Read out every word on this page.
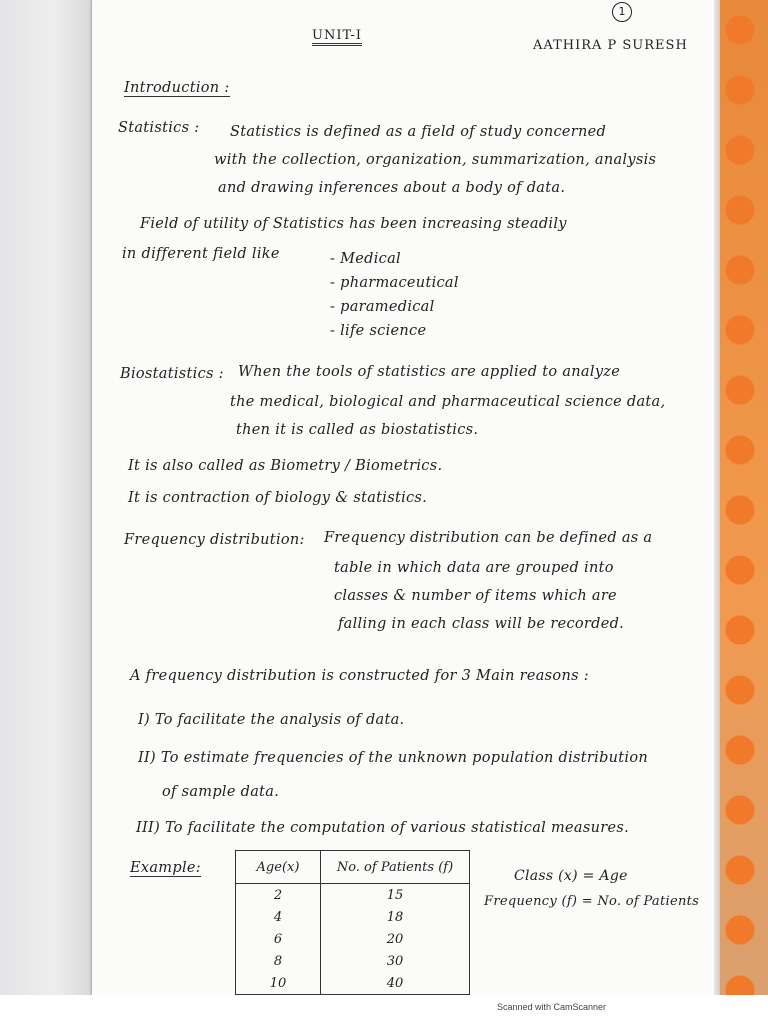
1
UNIT-I
AATHIRA P SURESH
Introduction :
Statistics : Statistics is defined as a field of study concerned
with the collection, organization, summarization, analysis
and drawing inferences about a body of data.
Field of utility of Statistics has been increasing steadily
in different field like	- Medical
- pharmaceutical
- paramedical
- life science
Biostatistics : When the tools of statistics are applied to analyze
the medical, biological and pharmaceutical science data,
then it is called as biostatistics.
It is also called as Biometry / Biometrics.
It is contraction of biology & statistics.
Frequency distribution: Frequency distribution can be defined as a
table in which data are grouped into
classes & number of items which are
falling in each class will be recorded.
A frequency distribution is constructed for 3 Main reasons :
I) To facilitate the analysis of data.
II) To estimate frequencies of the unknown population distribution
of sample data.
III) To facilitate the computation of various statistical measures.
Example:	Age(x)	No. of Patients (f)
2	15
4	18
6	20
8	30
10	40
Class (x) = Age
Frequency (f) = No. of Patients
Scanned with CamScanner
